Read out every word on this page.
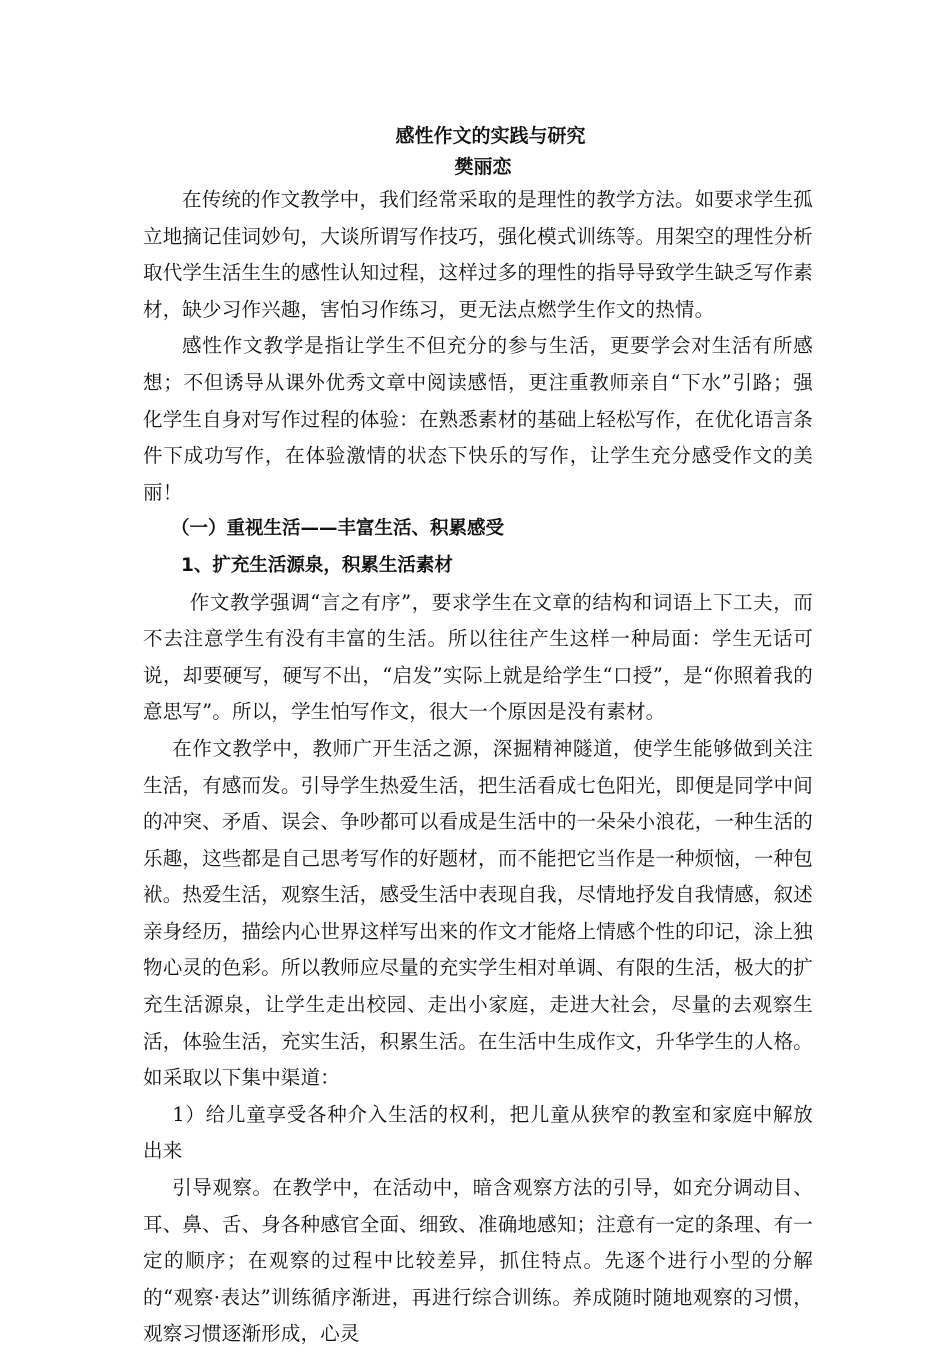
感性作文的实践与研究
樊丽恋

在传统的作文教学中，我们经常采取的是理性的教学方法。如要求学生孤立地摘记佳词妙句，大谈所谓写作技巧，强化模式训练等。用架空的理性分析取代学生活生生的感性认知过程，这样过多的理性的指导导致学生缺乏写作素材，缺少习作兴趣，害怕习作练习，更无法点燃学生作文的热情。

感性作文教学是指让学生不但充分的参与生活，更要学会对生活有所感想；不但诱导从课外优秀文章中阅读感悟，更注重教师亲自“下水”引路；强化学生自身对写作过程的体验：在熟悉素材的基础上轻松写作，在优化语言条件下成功写作，在体验激情的状态下快乐的写作，让学生充分感受作文的美丽！

（一）重视生活——丰富生活、积累感受
1、扩充生活源泉，积累生活素材

作文教学强调“言之有序”，要求学生在文章的结构和词语上下工夫，而不去注意学生有没有丰富的生活。所以往往产生这样一种局面：学生无话可说，却要硬写，硬写不出，“启发”实际上就是给学生“口授”，是“你照着我的意思写”。所以，学生怕写作文，很大一个原因是没有素材。

在作文教学中，教师广开生活之源，深掘精神隧道，使学生能够做到关注生活，有感而发。引导学生热爱生活，把生活看成七色阳光，即便是同学中间的冲突、矛盾、误会、争吵都可以看成是生活中的一朵朵小浪花，一种生活的乐趣，这些都是自己思考写作的好题材，而不能把它当作是一种烦恼，一种包袱。热爱生活，观察生活，感受生活中表现自我，尽情地抒发自我情感，叙述亲身经历，描绘内心世界这样写出来的作文才能烙上情感个性的印记，涂上独物心灵的色彩。所以教师应尽量的充实学生相对单调、有限的生活，极大的扩充生活源泉，让学生走出校园、走出小家庭，走进大社会，尽量的去观察生活，体验生活，充实生活，积累生活。在生活中生成作文，升华学生的人格。如采取以下集中渠道：

1）给儿童享受各种介入生活的权利，把儿童从狭窄的教室和家庭中解放出来

引导观察。在教学中，在活动中，暗含观察方法的引导，如充分调动目、耳、鼻、舌、身各种感官全面、细致、准确地感知；注意有一定的条理、有一定的顺序；在观察的过程中比较差异，抓住特点。先逐个进行小型的分解的“观察·表达”训练循序渐进，再进行综合训练。养成随时随地观察的习惯，观察习惯逐渐形成，心灵
